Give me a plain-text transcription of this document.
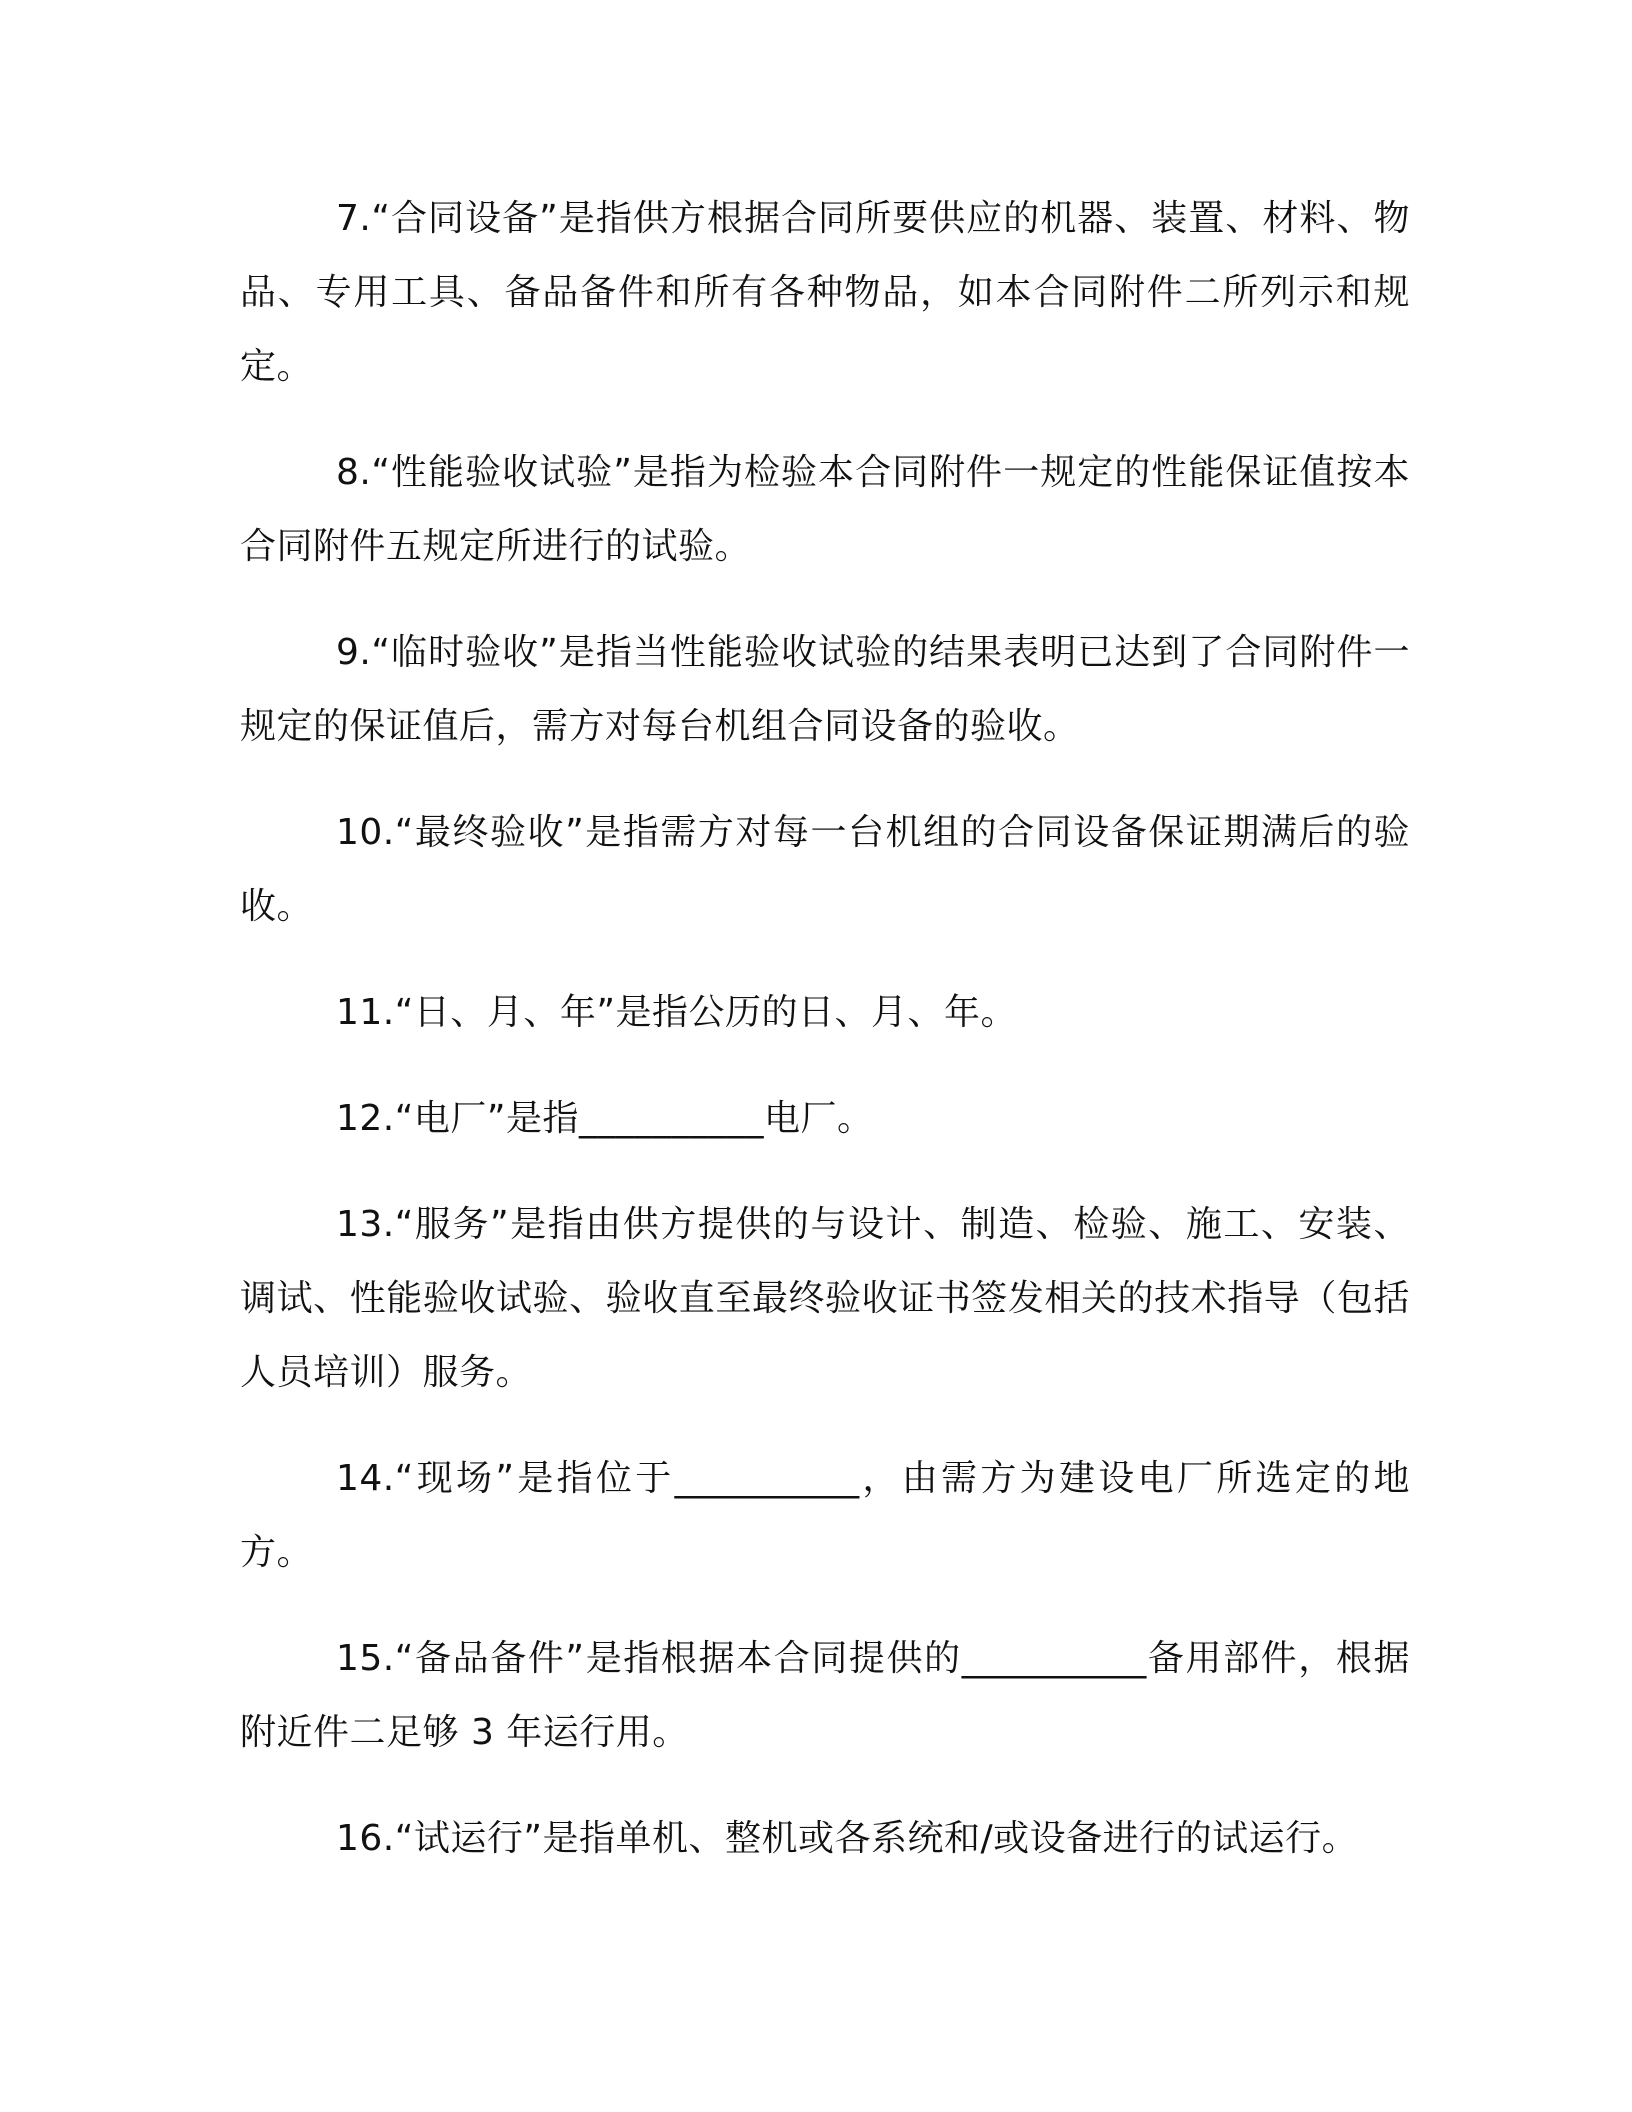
7.“合同设备”是指供方根据合同所要供应的机器、装置、材料、物品、专用工具、备品备件和所有各种物品，如本合同附件二所列示和规定。

8.“性能验收试验”是指为检验本合同附件一规定的性能保证值按本合同附件五规定所进行的试验。

9.“临时验收”是指当性能验收试验的结果表明已达到了合同附件一规定的保证值后，需方对每台机组合同设备的验收。

10.“最终验收”是指需方对每一台机组的合同设备保证期满后的验收。

11.“日、月、年”是指公历的日、月、年。

12.“电厂”是指__________电厂。

13.“服务”是指由供方提供的与设计、制造、检验、施工、安装、调试、性能验收试验、验收直至最终验收证书签发相关的技术指导（包括人员培训）服务。

14.“现场”是指位于__________，由需方为建设电厂所选定的地方。

15.“备品备件”是指根据本合同提供的__________备用部件，根据附近件二足够 3 年运行用。

16.“试运行”是指单机、整机或各系统和/或设备进行的试运行。
